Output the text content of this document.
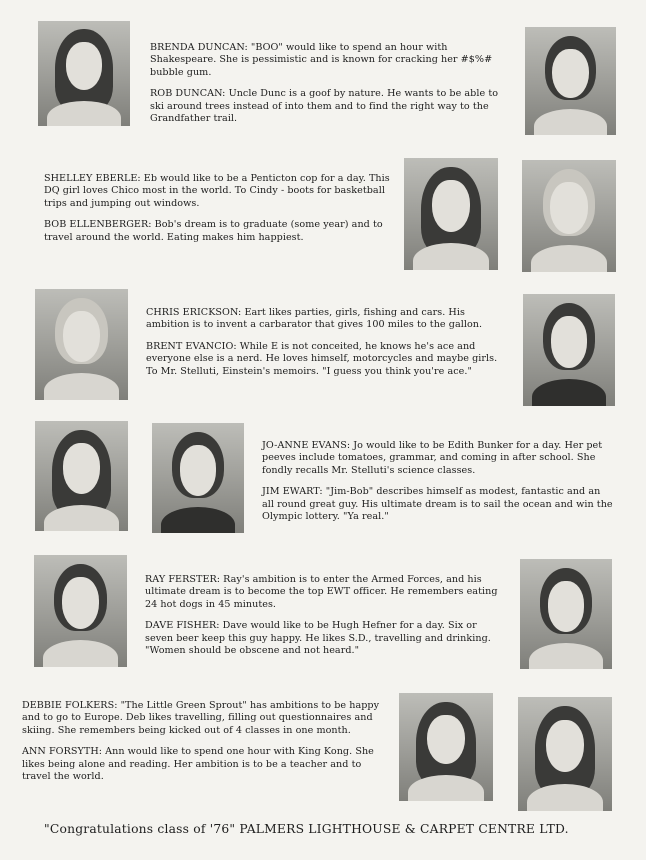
BRENDA DUNCAN: "BOO" would like to spend an hour with Shakespeare. She is pessimistic and is known for cracking her #$%# bubble gum.

ROB DUNCAN: Uncle Dunc is a goof by nature. He wants to be able to ski around trees instead of into them and to find the right way to the Grandfather trail.

SHELLEY EBERLE: Eb would like to be a Penticton cop for a day. This DQ girl loves Chico most in the world. To Cindy - boots for basketball trips and jumping out windows.

BOB ELLENBERGER: Bob's dream is to graduate (some year) and to travel around the world. Eating makes him happiest.

CHRIS ERICKSON: Eart likes parties, girls, fishing and cars. His ambition is to invent a carbarator that gives 100 miles to the gallon.

BRENT EVANCIO: While E is not conceited, he knows he's ace and everyone else is a nerd. He loves himself, motorcycles and maybe girls. To Mr. Stelluti, Einstein's memoirs. "I guess you think you're ace."

JO-ANNE EVANS: Jo would like to be Edith Bunker for a day. Her pet peeves include tomatoes, grammar, and coming in after school. She fondly recalls Mr. Stelluti's science classes.

JIM EWART: "Jim-Bob" describes himself as modest, fantastic and an all round great guy. His ultimate dream is to sail the ocean and win the Olympic lottery. "Ya real."

RAY FERSTER: Ray's ambition is to enter the Armed Forces, and his ultimate dream is to become the top EWT officer. He remembers eating 24 hot dogs in 45 minutes.

DAVE FISHER: Dave would like to be Hugh Hefner for a day. Six or seven beer keep this guy happy. He likes S.D., travelling and drinking. "Women should be obscene and not heard."

DEBBIE FOLKERS: "The Little Green Sprout" has ambitions to be happy and to go to Europe. Deb likes travelling, filling out questionnaires and skiing. She remembers being kicked out of 4 classes in one month.

ANN FORSYTH: Ann would like to spend one hour with King Kong. She likes being alone and reading. Her ambition is to be a teacher and to travel the world.

"Congratulations class of '76" PALMERS LIGHTHOUSE & CARPET CENTRE LTD.
